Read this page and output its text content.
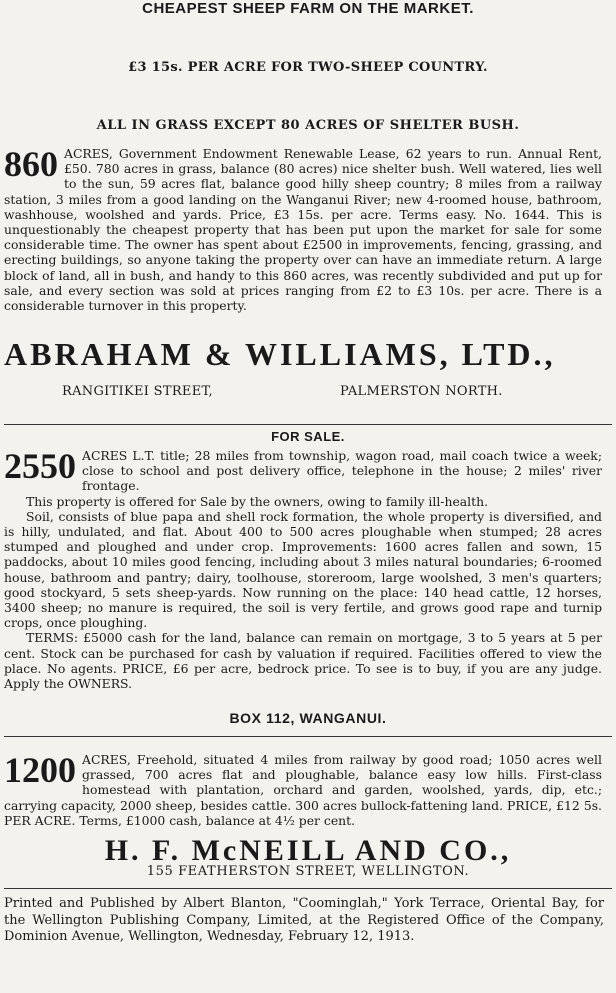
CHEAPEST SHEEP FARM ON THE MARKET.
£3 15s. PER ACRE FOR TWO-SHEEP COUNTRY.
ALL IN GRASS EXCEPT 80 ACRES OF SHELTER BUSH.
860 ACRES, Government Endowment Renewable Lease, 62 years to run. Annual Rent, £50. 780 acres in grass, balance (80 acres) nice shelter bush. Well watered, lies well to the sun, 59 acres flat, balance good hilly sheep country; 8 miles from a railway station, 3 miles from a good landing on the Wanganui River; new 4-roomed house, bathroom, washhouse, woolshed and yards. Price, £3 15s. per acre. Terms easy. No. 1644. This is unquestionably the cheapest property that has been put upon the market for sale for some considerable time. The owner has spent about £2500 in improvements, fencing, grassing, and erecting buildings, so anyone taking the property over can have an immediate return. A large block of land, all in bush, and handy to this 860 acres, was recently subdivided and put up for sale, and every section was sold at prices ranging from £2 to £3 10s. per acre. There is a considerable turnover in this property.
ABRAHAM & WILLIAMS, LTD.,
RANGITIKEI STREET,	PALMERSTON NORTH.
FOR SALE.
2550 ACRES L.T. title; 28 miles from township, wagon road, mail coach twice a week; close to school and post delivery office, telephone in the house; 2 miles' river frontage.

This property is offered for Sale by the owners, owing to family ill-health.

Soil, consists of blue papa and shell rock formation, the whole property is diversified, and is hilly, undulated, and flat. About 400 to 500 acres ploughable when stumped; 28 acres stumped and ploughed and under crop. Improvements: 1600 acres fallen and sown, 15 paddocks, about 10 miles good fencing, including about 3 miles natural boundaries; 6-roomed house, bathroom and pantry; dairy, toolhouse, storeroom, large woolshed, 3 men's quarters; good stockyard, 5 sets sheep-yards. Now running on the place: 140 head cattle, 12 horses, 3400 sheep; no manure is required, the soil is very fertile, and grows good rape and turnip crops, once ploughing.

TERMS: £5000 cash for the land, balance can remain on mortgage, 3 to 5 years at 5 per cent. Stock can be purchased for cash by valuation if required. Facilities offered to view the place. No agents. PRICE, £6 per acre, bedrock price. To see is to buy, if you are any judge. Apply the OWNERS.

BOX 112, WANGANUI.
1200 ACRES, Freehold, situated 4 miles from railway by good road; 1050 acres well grassed, 700 acres flat and ploughable, balance easy low hills. First-class homestead with plantation, orchard and garden, woolshed, yards, dip, etc.; carrying capacity, 2000 sheep, besides cattle. 300 acres bullock-fattening land. PRICE, £12 5s. PER ACRE. Terms, £1000 cash, balance at 4½ per cent.
H. F. McNEILL AND CO.,
155 FEATHERSTON STREET, WELLINGTON.
Printed and Published by Albert Blanton, "Coominglah," York Terrace, Oriental Bay, for the Wellington Publishing Company, Limited, at the Registered Office of the Company, Dominion Avenue, Wellington, Wednesday, February 12, 1913.
